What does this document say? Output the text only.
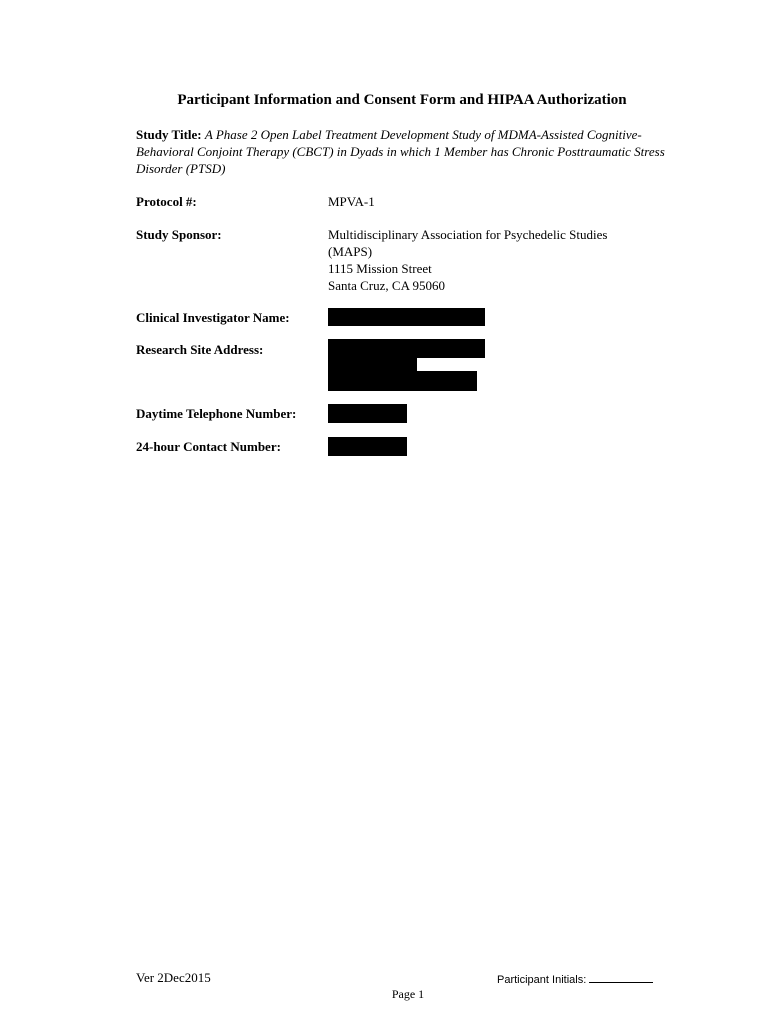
Participant Information and Consent Form and HIPAA Authorization
Study Title: A Phase 2 Open Label Treatment Development Study of MDMA-Assisted Cognitive-Behavioral Conjoint Therapy (CBCT) in Dyads in which 1 Member has Chronic Posttraumatic Stress Disorder (PTSD)
Protocol #:	MPVA-1
Study Sponsor:	Multidisciplinary Association for Psychedelic Studies
(MAPS)
1115 Mission Street
Santa Cruz, CA 95060
Clinical Investigator Name:
Research Site Address:
Daytime Telephone Number:
24-hour Contact Number:
Ver 2Dec2015	Participant Initials:
Page 1
